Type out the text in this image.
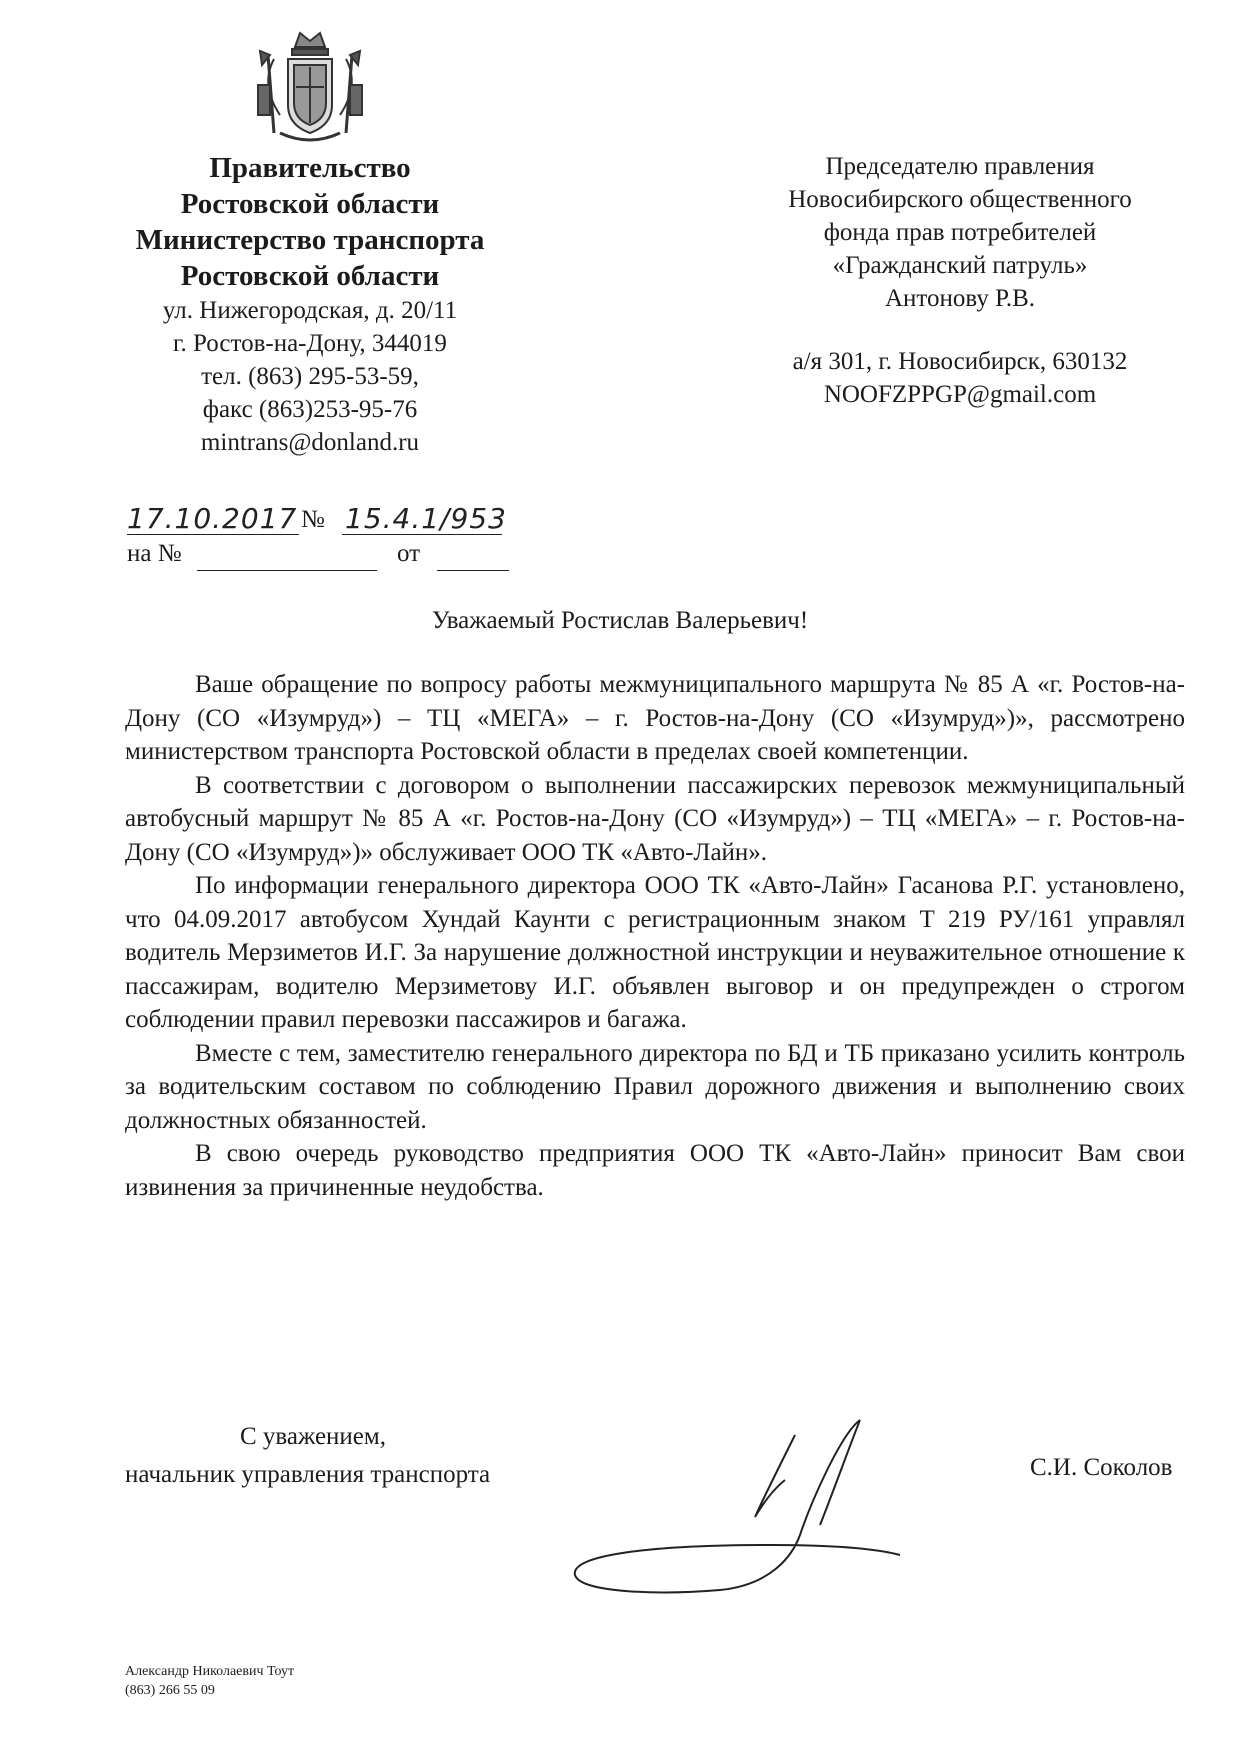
Правительство
Ростовской области
Министерство транспорта
Ростовской области
ул. Нижегородская, д. 20/11
г. Ростов-на-Дону, 344019
тел. (863) 295-53-59,
факс (863)253-95-76
mintrans@donland.ru
Председателю правления
Новосибирского общественного
фонда прав потребителей
«Гражданский патруль»
Антонову Р.В.
а/я 301, г. Новосибирск, 630132
NOOFZPPGP@gmail.com
17.10.2017 № 15.4.1/953
на №	от
Уважаемый Ростислав Валерьевич!

Ваше обращение по вопросу работы межмуниципального маршрута № 85 А «г. Ростов-на-Дону (СО «Изумруд») – ТЦ «МЕГА» – г. Ростов-на-Дону (СО «Изумруд»)», рассмотрено министерством транспорта Ростовской области в пределах своей компетенции.

В соответствии с договором о выполнении пассажирских перевозок межмуниципальный автобусный маршрут № 85 А «г. Ростов-на-Дону (СО «Изумруд») – ТЦ «МЕГА» – г. Ростов-на-Дону (СО «Изумруд»)» обслуживает ООО ТК «Авто-Лайн».

По информации генерального директора ООО ТК «Авто-Лайн» Гасанова Р.Г. установлено, что 04.09.2017 автобусом Хундай Каунти с регистрационным знаком Т 219 РУ/161 управлял водитель Мерзиметов И.Г. За нарушение должностной инструкции и неуважительное отношение к пассажирам, водителю Мерзиметову И.Г. объявлен выговор и он предупрежден о строгом соблюдении правил перевозки пассажиров и багажа.

Вместе с тем, заместителю генерального директора по БД и ТБ приказано усилить контроль за водительским составом по соблюдению Правил дорожного движения и выполнению своих должностных обязанностей.

В свою очередь руководство предприятия ООО ТК «Авто-Лайн» приносит Вам свои извинения за причиненные неудобства.

С уважением,
начальник управления транспорта	С.И. Соколов
Александр Николаевич Тоут
(863) 266 55 09
